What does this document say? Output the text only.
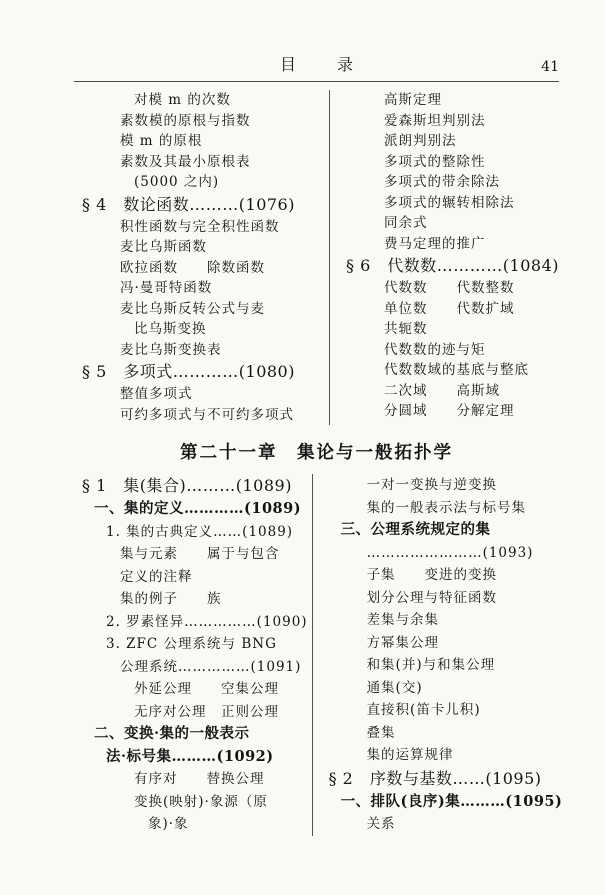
目 录	41
对模 m 的次数
素数模的原根与指数
模 m 的原根
素数及其最小原根表
(5000 之内)
§ 4　数论函数………(1076)
积性函数与完全积性函数
麦比乌斯函数
欧拉函数　　除数函数
冯·曼哥特函数
麦比乌斯反转公式与麦
比乌斯变换
麦比乌斯变换表
§ 5　多项式…………(1080)
整值多项式
可约多项式与不可约多项式
高斯定理
爱森斯坦判别法
派朗判别法
多项式的整除性
多项式的带余除法
多项式的辗转相除法
同余式
费马定理的推广
§ 6　代数数…………(1084)
代数数　　代数整数
单位数　　代数扩域
共轭数
代数数的迹与矩
代数数域的基底与整底
二次域　　高斯域
分圆域　　分解定理
第二十一章　集论与一般拓扑学
§ 1　集(集合)………(1089)
一、集的定义…………(1089)
1. 集的古典定义……(1089)
集与元素　　属于与包含
定义的注释
集的例子　　族
2. 罗素怪异……………(1090)
3. ZFC 公理系统与 BNG
公理系统……………(1091)
外延公理　　空集公理
无序对公理　正则公理
二、变换·集的一般表示
法·标号集………(1092)
有序对　　替换公理
变换(映射)·象源（原
象)·象
一对一变换与逆变换
集的一般表示法与标号集
三、公理系统规定的集
……………………(1093)
子集　　变进的变换
划分公理与特征函数
差集与余集
方幂集公理
和集(并)与和集公理
通集(交)
直接积(笛卡儿积)
叠集
集的运算规律
§ 2　序数与基数……(1095)
一、排队(良序)集………(1095)
关系
